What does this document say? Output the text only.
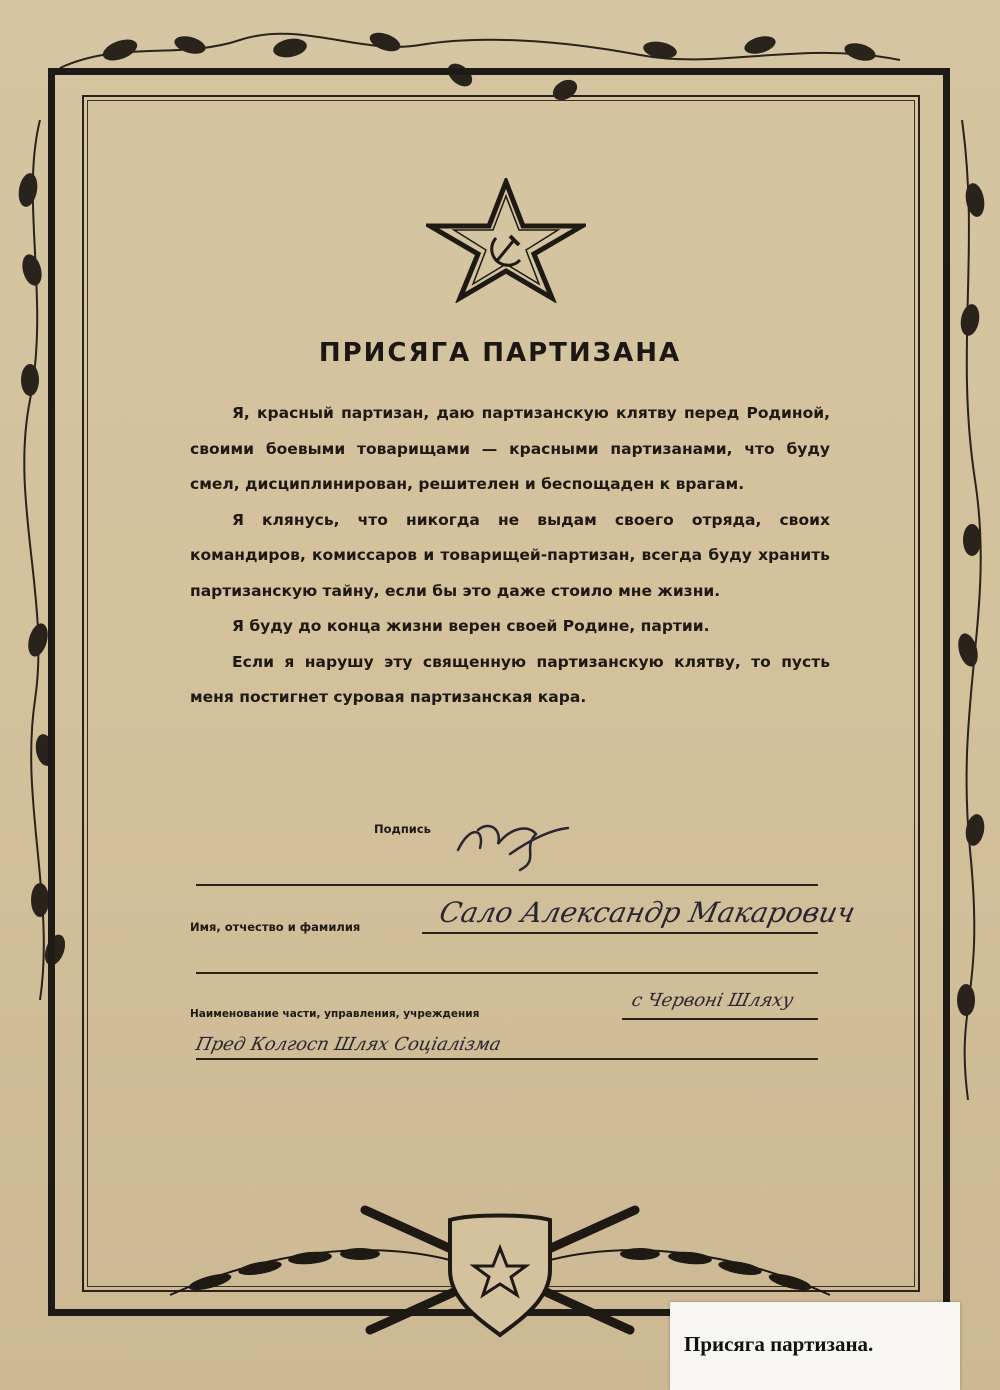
ПРИСЯГА ПАРТИЗАНА

Я, красный партизан, даю партизанскую клятву перед Родиной, своими боевыми товарищами — красными партизанами, что буду смел, дисциплинирован, решителен и беспощаден к врагам.

Я клянусь, что никогда не выдам своего отряда, своих командиров, комиссаров и товарищей-партизан, всегда буду хранить партизанскую тайну, если бы это даже стоило мне жизни.

Я буду до конца жизни верен своей Родине, партии.

Если я нарушу эту священную партизанскую клятву, то пусть меня постигнет суровая партизанская кара.

Подпись
Имя, отчество и фамилия	Сало Александр Макарович
Наименование части, управления, учреждения
с Червоні Шляху
Пред Колгосп Шлях Соціалізма
Присяга партизана.
